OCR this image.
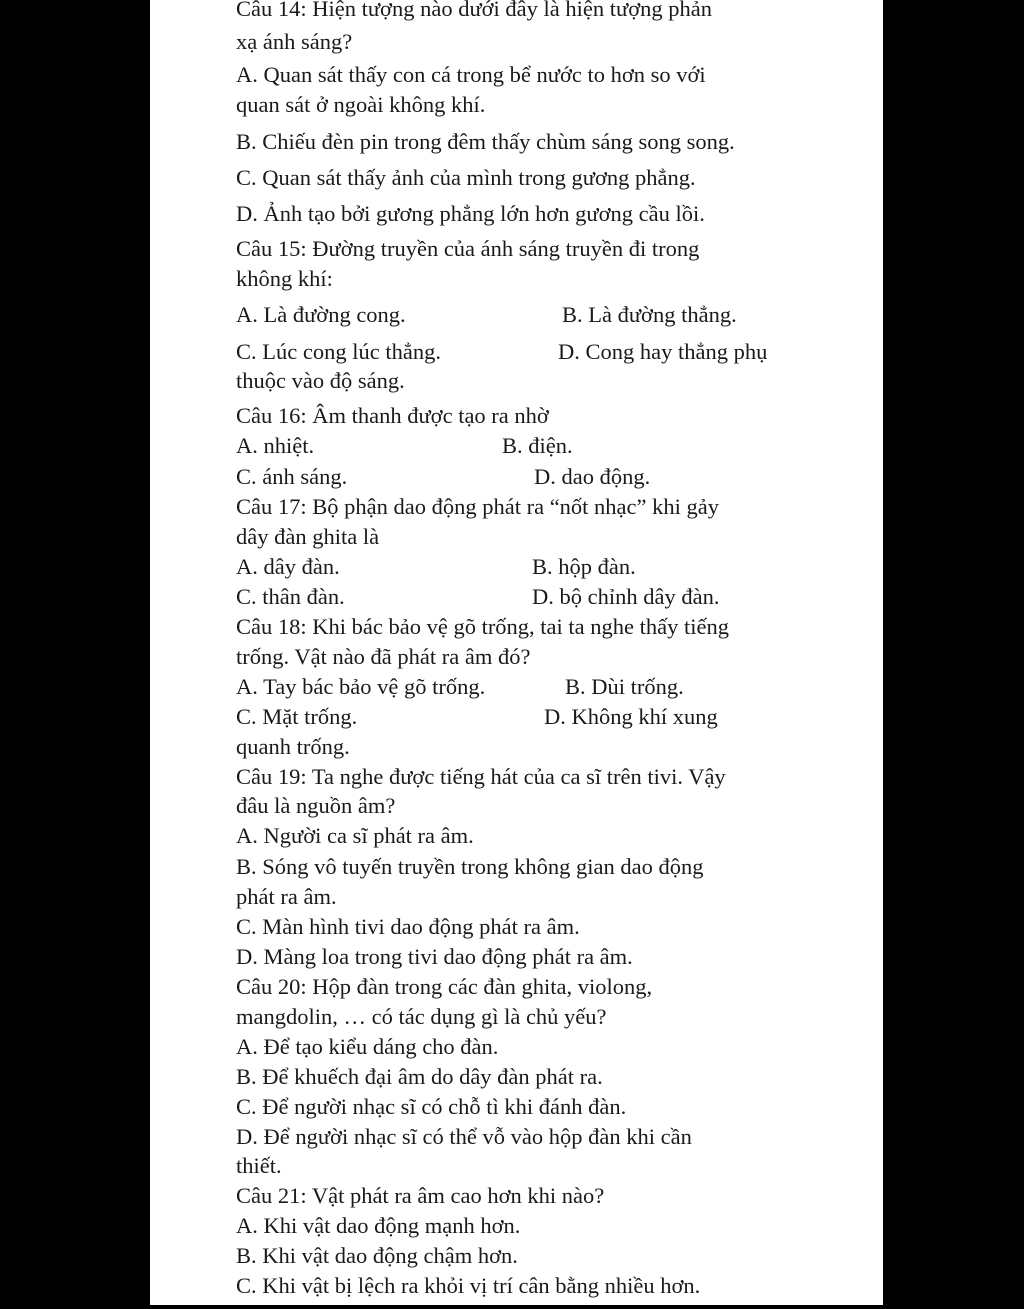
Câu 14: Hiện tượng nào dưới đây là hiện tượng phản
xạ ánh sáng?
A. Quan sát thấy con cá trong bể nước to hơn so với
quan sát ở ngoài không khí.
B. Chiếu đèn pin trong đêm thấy chùm sáng song song.
C. Quan sát thấy ảnh của mình trong gương phẳng.
D. Ảnh tạo bởi gương phẳng lớn hơn gương cầu lồi.
Câu 15: Đường truyền của ánh sáng truyền đi trong
không khí:
A. Là đường cong.	B. Là đường thẳng.
C. Lúc cong lúc thẳng.	D. Cong hay thẳng phụ
thuộc vào độ sáng.
Câu 16: Âm thanh được tạo ra nhờ
A. nhiệt.	B. điện.
C. ánh sáng.	D. dao động.
Câu 17: Bộ phận dao động phát ra “nốt nhạc” khi gảy
dây đàn ghita là
A. dây đàn.	B. hộp đàn.
C. thân đàn.	D. bộ chỉnh dây đàn.
Câu 18: Khi bác bảo vệ gõ trống, tai ta nghe thấy tiếng
trống. Vật nào đã phát ra âm đó?
A. Tay bác bảo vệ gõ trống.	B. Dùi trống.
C. Mặt trống.	D. Không khí xung
quanh trống.
Câu 19: Ta nghe được tiếng hát của ca sĩ trên tivi. Vậy
đâu là nguồn âm?
A. Người ca sĩ phát ra âm.
B. Sóng vô tuyến truyền trong không gian dao động
phát ra âm.
C. Màn hình tivi dao động phát ra âm.
D. Màng loa trong tivi dao động phát ra âm.
Câu 20: Hộp đàn trong các đàn ghita, violong,
mangdolin, … có tác dụng gì là chủ yếu?
A. Để tạo kiểu dáng cho đàn.
B. Để khuếch đại âm do dây đàn phát ra.
C. Để người nhạc sĩ có chỗ tì khi đánh đàn.
D. Để người nhạc sĩ có thể vỗ vào hộp đàn khi cần
thiết.
Câu 21: Vật phát ra âm cao hơn khi nào?
A. Khi vật dao động mạnh hơn.
B. Khi vật dao động chậm hơn.
C. Khi vật bị lệch ra khỏi vị trí cân bằng nhiều hơn.
